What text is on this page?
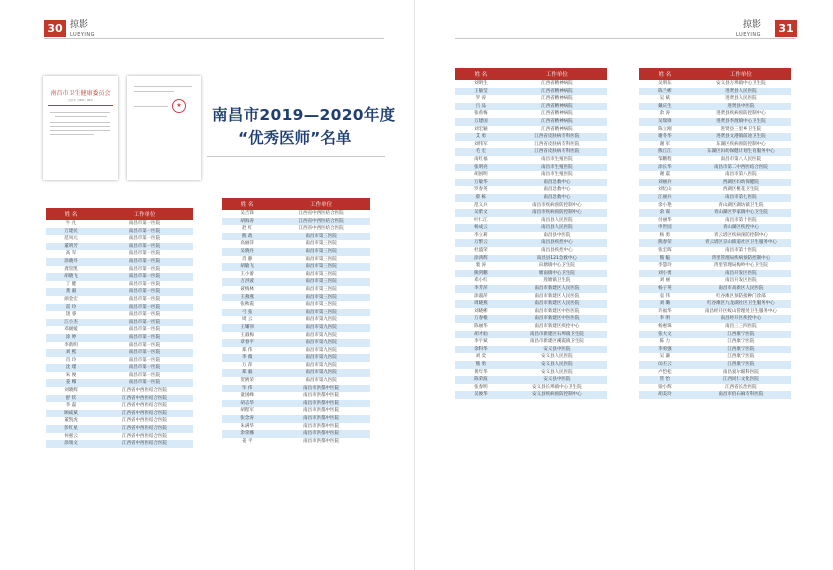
30 掠影
LUEYING
南昌市卫生健康委员会
洪卫字〔2021〕00号
★
南昌市2019—2020年度
“优秀医师”名单
姓 名	工作单位
牛 凡	南昌市第一医院
万建民	南昌市第一医院
范凤元	南昌市第一医院
董明芳	南昌市第一医院
高 军	南昌市第一医院
涂晓丹	南昌市第一医院
龚崇凯	南昌市第一医院
胡晓飞	南昌市第一医院
丁 健	南昌市第一医院
龚 毅	南昌市第一医院
颜金宏	南昌市第一医院
雷 玲	南昌市第一医院
饶 睿	南昌市第一医院
江小杰	南昌市第一医院
邓媛媛	南昌市第一医院
涂 婷	南昌市第一医院
李新明	南昌市第一医院
刘 熙	南昌市第一医院
肖 玲	南昌市第一医院
沈 瑾	南昌市第一医院
朱 俊	南昌市第一医院
姜 娜	南昌市第一医院
刘晓辉	江西省中西医结合医院
舒 钦	江西省中西医结合医院
李 磊	江西省中西医结合医院
顾咸斌	江西省中西医结合医院
董凯虎	江西省中西医结合医院
彭红星	江西省中西医结合医院
何惠云	江西省中西医结合医院
涂领文	江西省中西医结合医院
姓 名	工作单位
吴吉锋	江西省中西医结合医院
胡海涛	江西省中西医结合医院
赵 红	江西省中西医结合医院
熊 政	南昌市第三医院
高丽萍	南昌市第三医院
吴晓丹	南昌市第三医院
肖 静	南昌市第三医院
胡敏飞	南昌市第三医院
王小蕾	南昌市第三医院
万洪波	南昌市第三医院
聂梅林	南昌市第三医院
王燕燕	南昌市第三医院
张秋霞	南昌市第三医院
弓 弦	南昌市第三医院
周 云	南昌市第九医院
王耀卯	南昌市第九医院
王淑梅	南昌市第九医院
章春平	南昌市第九医院
郑 伟	南昌市第九医院
李 薇	南昌市第九医院
万 萍	南昌市第九医院
郑 毅	南昌市第九医院
贺鸥荣	南昌市第九医院
毕 伟	南昌市洪都中医院
童国峰	南昌市洪都中医院
胡志华	南昌市洪都中医院
胡程军	南昌市洪都中医院
张念涛	南昌市洪都中医院
朱满华	南昌市洪都中医院
余荣娜	南昌市洪都中医院
姜 平	南昌市洪都中医院
31
掠影
LUEYING
姓 名	工作单位
刘明生	江西省精神病院
王敏莹	江西省精神病院
罗 涛	江西省精神病院
吕 品	江西省精神病院
张希梅	江西省精神病院
万建国	江西省精神病院
刘宏颖	江西省精神病院
艾 勇	江西省皮肤病专科医院
刘伟军	江西省皮肤病专科医院
毛 宏	江西省皮肤病专科医院
南红福	南昌市生殖医院
张明亮	南昌市生殖医院
胡国明	南昌市生殖医院
万敏华	南昌急救中心
罗春英	南昌急救中心
蔡 栋	南昌急救中心
范义兵	南昌市疾病预防控制中心
吴紫文	南昌市疾病预防控制中心
叶仁江	南昌县人民医院
杨成云	南昌县人民医院
李立莉	南昌县中医院
万繁云	南昌县疾控中心
杜盛荣	南昌县疾控中心
涂鸿辉	南昌县121急救中心
裘 涛	向塘镇中心卫生院
熊剑鹏	塘南镇中心卫生院
邓小红	莲塘镇卫生院
李芳萍	南昌市新建区人民医院
涂淑萍	南昌市新建区人民医院
周晓燕	南昌市新建区人民医院
刘晓彬	南昌市新建区中医医院
万春根	南昌市新建区中医医院
陈丽华	南昌市新建区疾控中心
胡才仙	南昌市新建区石埠镇卫生院
李宇斌	南昌市新建区溪霞镇卫生院
余科华	安义县中医院
刘 奕	安义县人民医院
熊 勇	安义县人民医院
黄年华	安义县人民医院
陈荣波	安义县中医院
张春明	安义县长埠镇中心卫生院
吴俊华	安义县疾病预防控制中心
姓 名	工作单位
吴明东	安义县万埠镇中心卫生院
陈兰彬	进贤县人民医院
吴 斌	进贤县人民医院
戴庆生	进贤县中医院
余 涛	进贤县疾病预防控制中心
吴瑞锋	进贤县李渡镇中心卫生院
陈立刚	进贤县三里乡卫生院
谢冬华	进贤县文港镇前途卫生院
谢 军	东湖区疾病预防控制中心
熊丘江	东湖区妇幼保健计划生育服务中心
邹鹏程	南昌市第八人民医院
涂长华	南昌市第二中西医结合医院
谢 震	南昌市第八医院
刘丽兵	西湖区妇幼保健院
刘忆山	西湖区桃花卫生院
江丽兵	南昌市第七医院
余小艳	青山湖区湖坊镇卫生院
余 谋	青山湖区罗家镇中心卫生院
付丽华	南昌市第十医院
申世园	青山湖区疾控中心
杨 勇	青云谱区疾病预防控制中心
熊春荣	青云谱区京山街道社区卫生服务中心
张宏晖	南昌市第十医院
熊 魁	湾里管理局疾病预防控制中心
李慧玲	湾里管理局梅岭中心卫生院
刘小勇	南昌开发区医院
刘 丽	南昌开发区医院
杨子英	南昌市高新区人民医院
袁 伟	红谷滩区预防接种门诊部
刘 璐	红谷滩区九龙湖社区卫生服务中心
许福华	南昌经开区蛟山管理处卫生服务中心
李 明	南昌经开区疾控中心
杨惠珠	南昌三三四医院
张大文	江西康宁医院
陈 力	江西康宁医院
李勇强	江西康宁医院
吴 谦	江西康宁医院
闵丕云	江西康宁医院
卢恺松	南昌爱尔眼科医院
管 怡	江西同仁文化医院
梁小辉	江西省长治医院
胡美玲	南昌市佰石麻专科医院
